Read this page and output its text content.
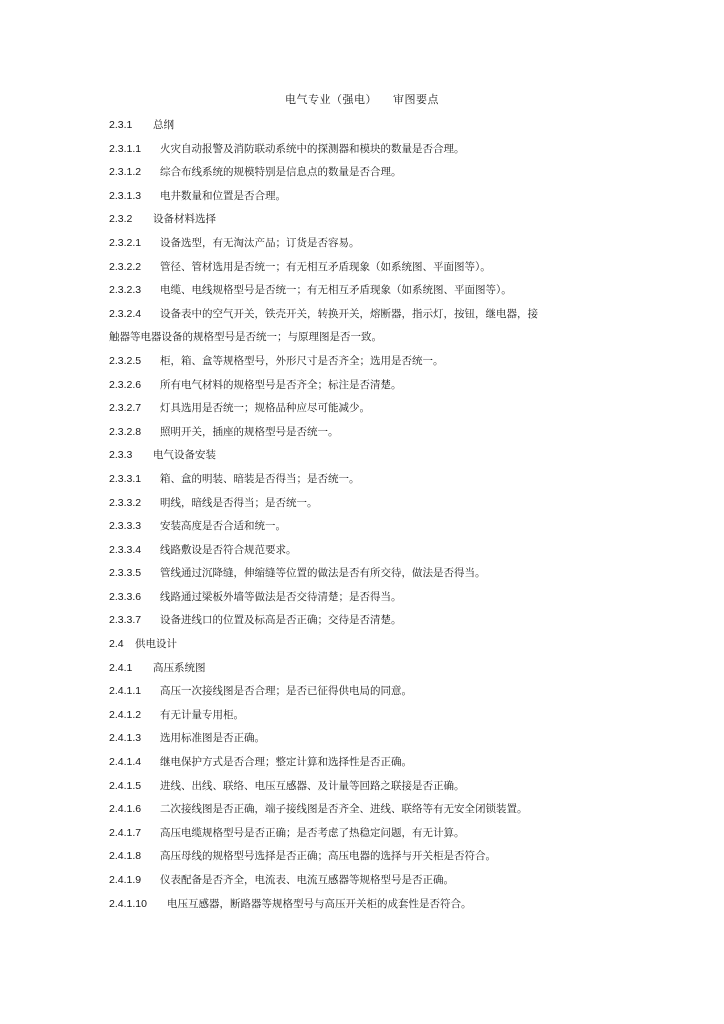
电气专业（强电）    审图要点
2.3.1	总纲
2.3.1.1	火灾自动报警及消防联动系统中的探测器和模块的数量是否合理。
2.3.1.2	综合布线系统的规模特别是信息点的数量是否合理。
2.3.1.3	电井数量和位置是否合理。
2.3.2	设备材料选择
2.3.2.1	设备选型，有无淘汰产品；订货是否容易。
2.3.2.2	管径、管材选用是否统一；有无相互矛盾现象（如系统图、平面图等）。
2.3.2.3	电缆、电线规格型号是否统一；有无相互矛盾现象（如系统图、平面图等）。
2.3.2.4	设备表中的空气开关，铁壳开关，转换开关，熔断器，指示灯，按钮，继电器，接
触器等电器设备的规格型号是否统一；与原理图是否一致。
2.3.2.5	柜，箱、盒等规格型号，外形尺寸是否齐全；选用是否统一。
2.3.2.6	所有电气材料的规格型号是否齐全；标注是否清楚。
2.3.2.7	灯具选用是否统一；规格品种应尽可能减少。
2.3.2.8	照明开关，插座的规格型号是否统一。
2.3.3	电气设备安装
2.3.3.1	箱、盒的明装、暗装是否得当；是否统一。
2.3.3.2	明线，暗线是否得当；是否统一。
2.3.3.3	安装高度是否合适和统一。
2.3.3.4	线路敷设是否符合规范要求。
2.3.3.5	管线通过沉降缝，伸缩缝等位置的做法是否有所交待，做法是否得当。
2.3.3.6	线路通过梁板外墙等做法是否交待清楚；是否得当。
2.3.3.7	设备进线口的位置及标高是否正确；交待是否清楚。
2.4	供电设计
2.4.1	高压系统图
2.4.1.1	高压一次接线图是否合理；是否已征得供电局的同意。
2.4.1.2	有无计量专用柜。
2.4.1.3	选用标准图是否正确。
2.4.1.4	继电保护方式是否合理；整定计算和选择性是否正确。
2.4.1.5	进线、出线、联络、电压互感器、及计量等回路之联接是否正确。
2.4.1.6	二次接线图是否正确，端子接线图是否齐全、进线、联络等有无安全闭锁装置。
2.4.1.7	高压电缆规格型号是否正确；是否考虑了热稳定问题，有无计算。
2.4.1.8	高压母线的规格型号选择是否正确；高压电器的选择与开关柜是否符合。
2.4.1.9	仪表配备是否齐全，电流表、电流互感器等规格型号是否正确。
2.4.1.10	电压互感器，断路器等规格型号与高压开关柜的成套性是否符合。
